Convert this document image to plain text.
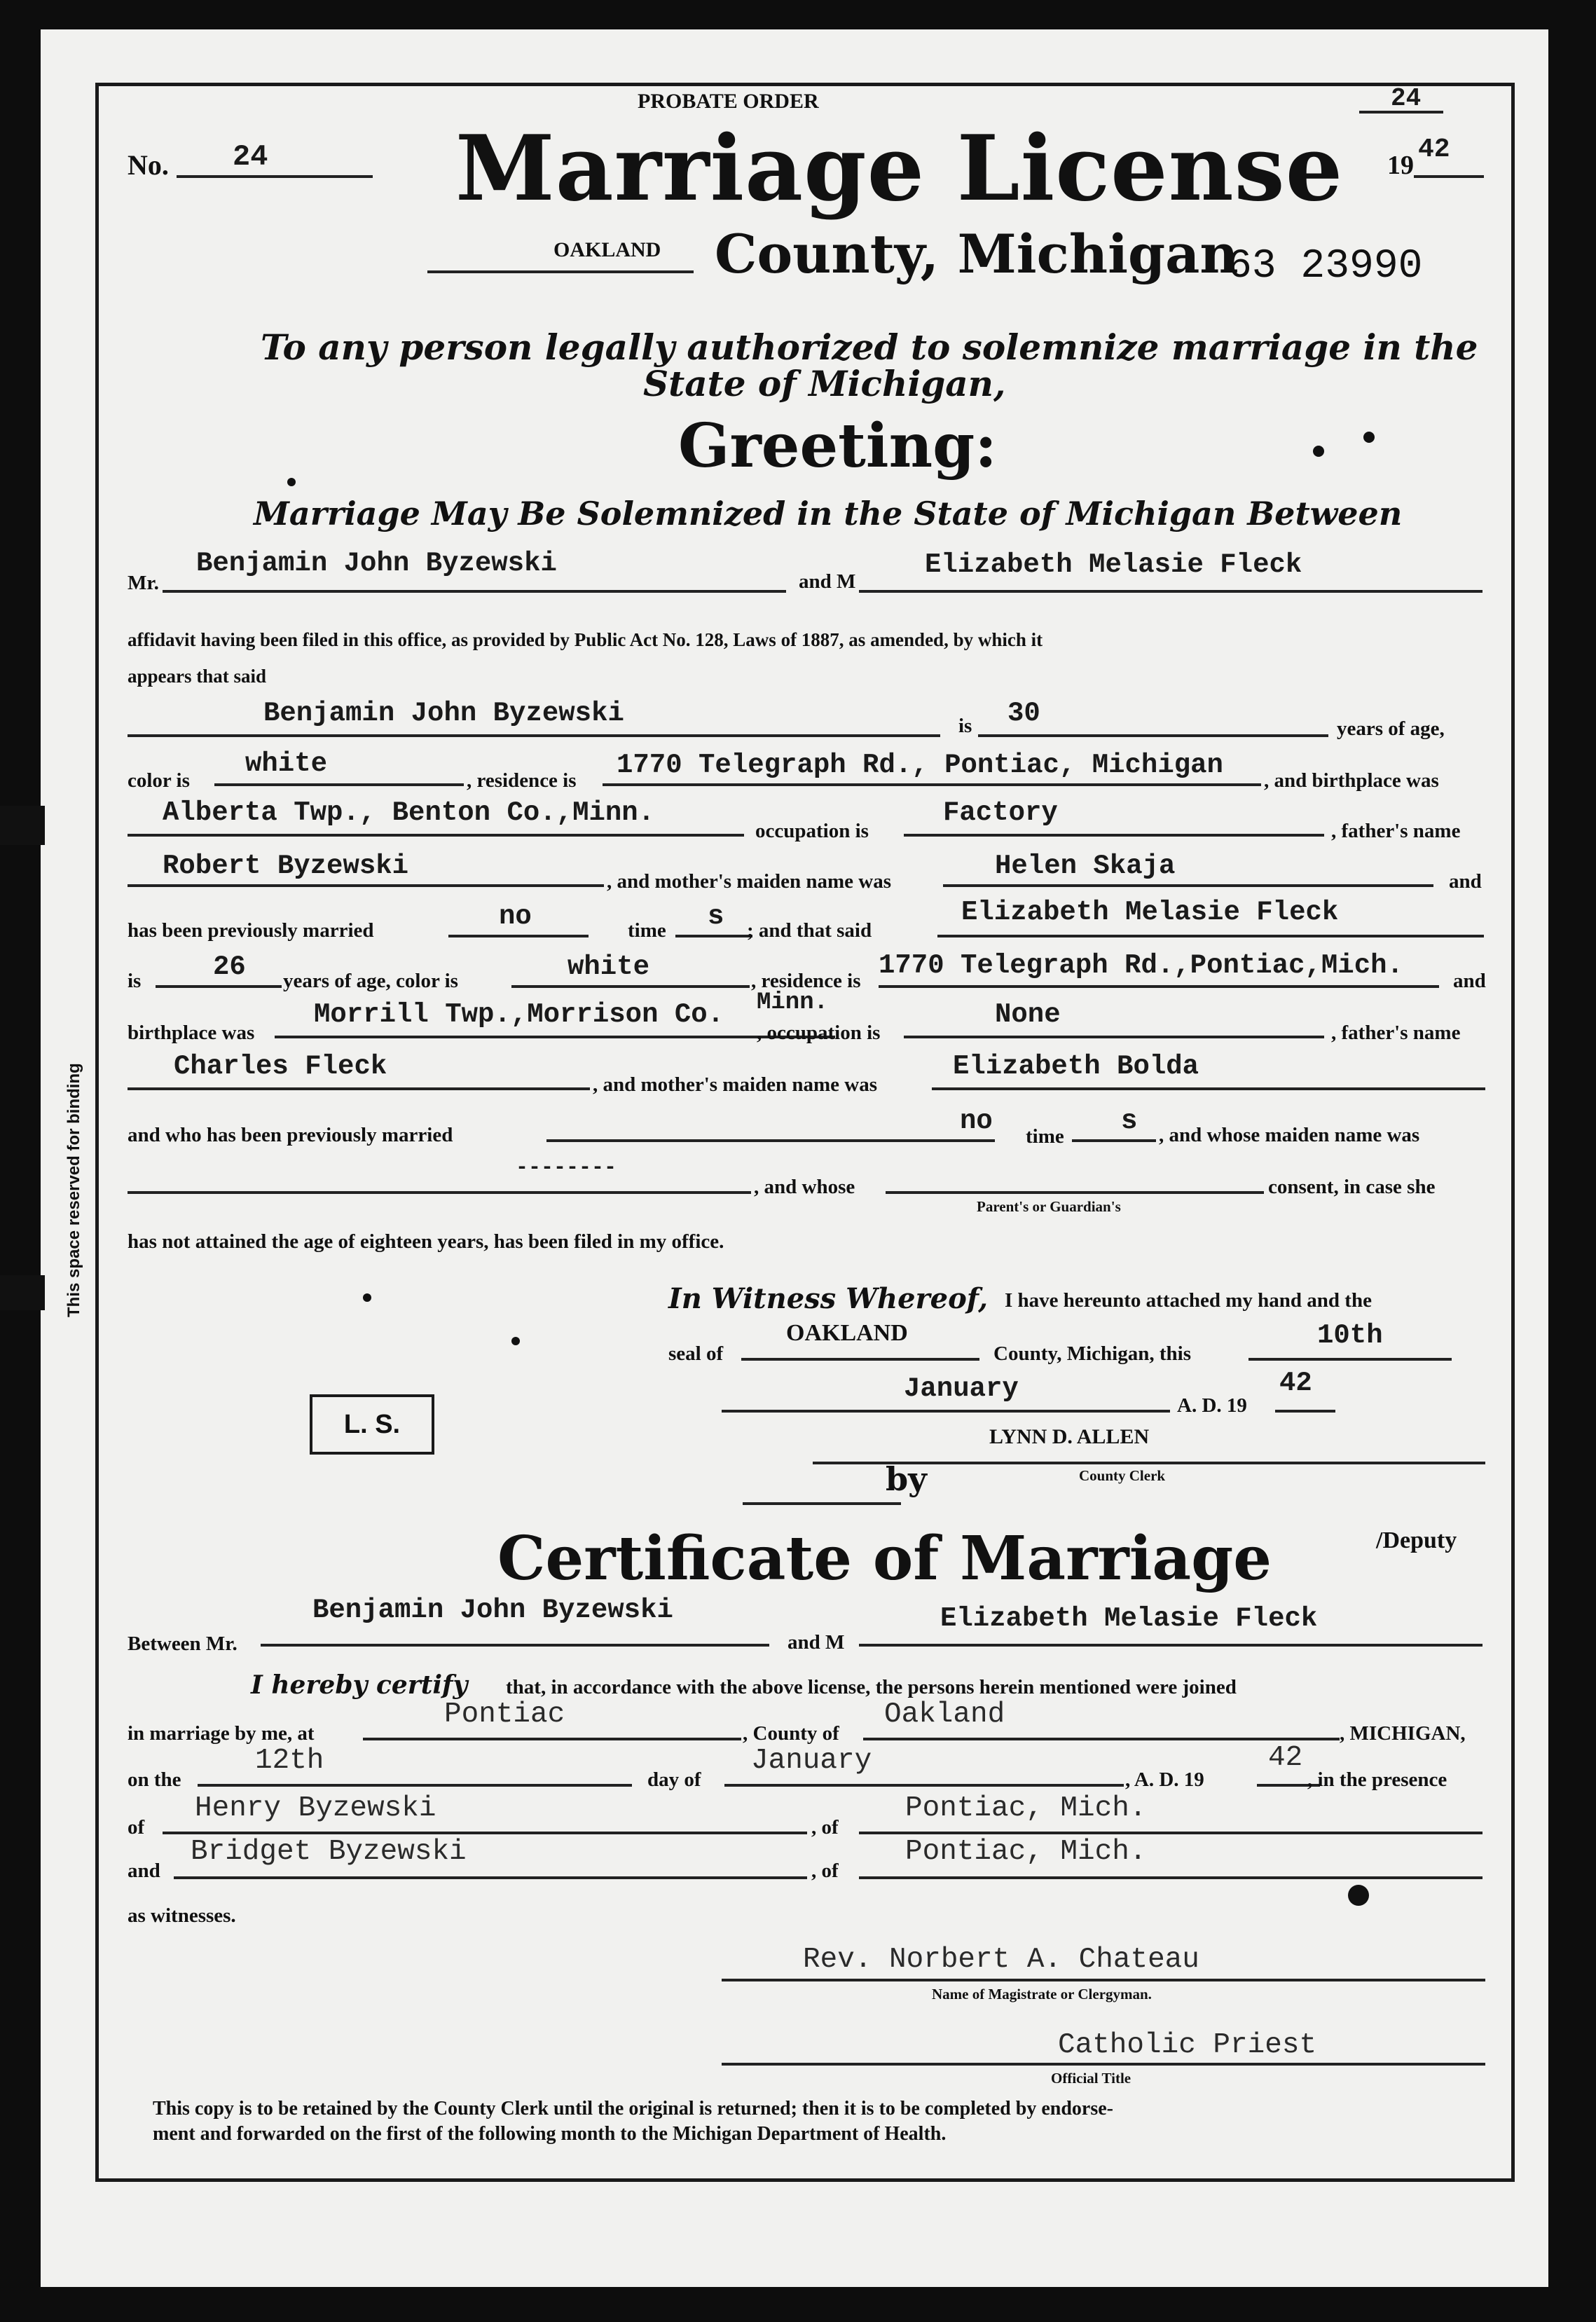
This space reserved for binding
PROBATE ORDER	24
No. 24 Marriage License 19
42
OAKLAND County, Michigan
63 23990
To any person legally authorized to solemnize marriage in the
State of Michigan,
Greeting:
Marriage May Be Solemnized in the State of Michigan Between
Mr.
Benjamin John Byzewski
and M
Elizabeth Melasie Fleck
affidavit having been filed in this office, as provided by Public Act No. 128, Laws of 1887, as amended, by which it
appears that said
Benjamin John Byzewski	is 30	years of age,
color is
white
, residence is 1770 Telegraph Rd., Pontiac, Michigan , and birthplace was
Alberta Twp., Benton Co.,Minn.
occupation is
Factory
, father's name
Robert Byzewski	, and mother's maiden name was	Helen Skaja	and
has been previously married	no	time s ; and that said
Elizabeth Melasie Fleck
is	26 years of age, color is	white	, residence is 1770 Telegraph Rd.,Pontiac,Mich. and
birthplace was
Morrill Twp.,Morrison Co. Minn.
, occupation is
None
, father's name
Charles Fleck
, and mother's maiden name was
Elizabeth Bolda
and who has been previously married	no time s , and whose maiden name was
--------
, and whose	consent, in case she
Parent's or Guardian's
has not attained the age of eighteen years, has been filed in my office.
In Witness Whereof, I have hereunto attached my hand and the
seal of
OAKLAND
County, Michigan, this
10th
January
A. D. 19
42
L. S.	LYNN D. ALLEN
County Clerk
by
/Deputy
Certificate of Marriage
Between Mr.
Benjamin John Byzewski
and M
Elizabeth Melasie Fleck
I hereby certify that, in accordance with the above license, the persons herein mentioned were joined
in marriage by me, at
Pontiac
, County of
Oakland
, MICHIGAN,
on the
12th
day of
January
, A. D. 19
42
, in the presence
of
Henry Byzewski
, of
Pontiac, Mich.
and
Bridget Byzewski
, of
Pontiac, Mich.
as witnesses.
Rev. Norbert A. Chateau
Name of Magistrate or Clergyman.
Catholic Priest
Official Title
This copy is to be retained by the County Clerk until the original is returned; then it is to be completed by endorse-
ment and forwarded on the first of the following month to the Michigan Department of Health.
